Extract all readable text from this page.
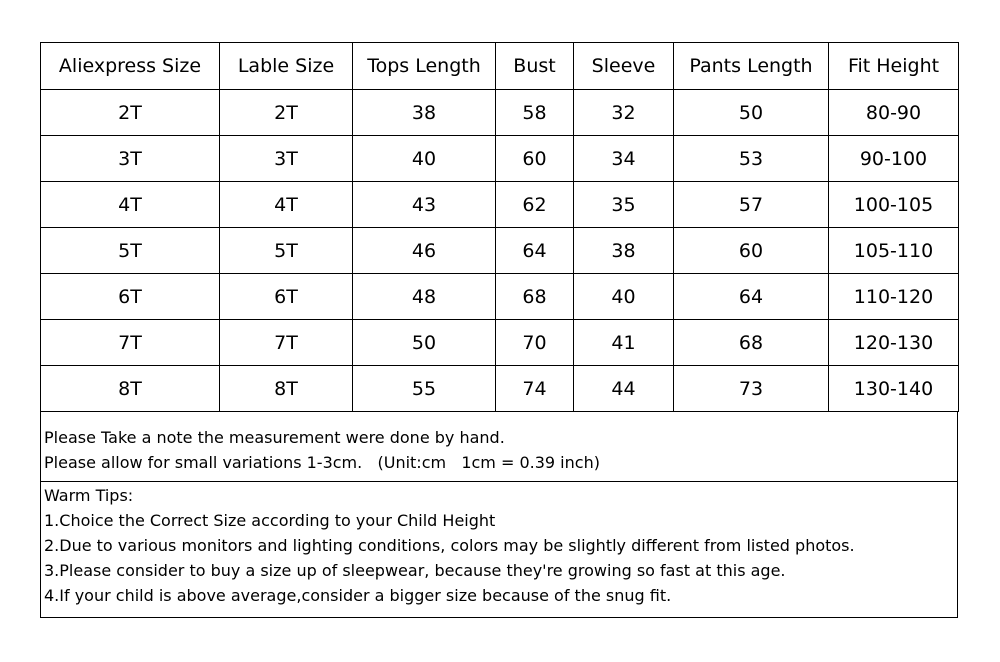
Aliexpress Size	Lable Size	Tops Length	Bust	Sleeve	Pants Length	Fit Height
2T	2T	38	58	32	50	80-90
3T	3T	40	60	34	53	90-100
4T	4T	43	62	35	57	100-105
5T	5T	46	64	38	60	105-110
6T	6T	48	68	40	64	110-120
7T	7T	50	70	41	68	120-130
8T	8T	55	74	44	73	130-140
Please Take a note the measurement were done by hand.
Please allow for small variations 1-3cm.   (Unit:cm   1cm = 0.39 inch)
Warm Tips:
1.Choice the Correct Size according to your Child Height
2.Due to various monitors and lighting conditions, colors may be slightly different from listed photos.
3.Please consider to buy a size up of sleepwear, because they're growing so fast at this age.
4.If your child is above average,consider a bigger size because of the snug fit.
